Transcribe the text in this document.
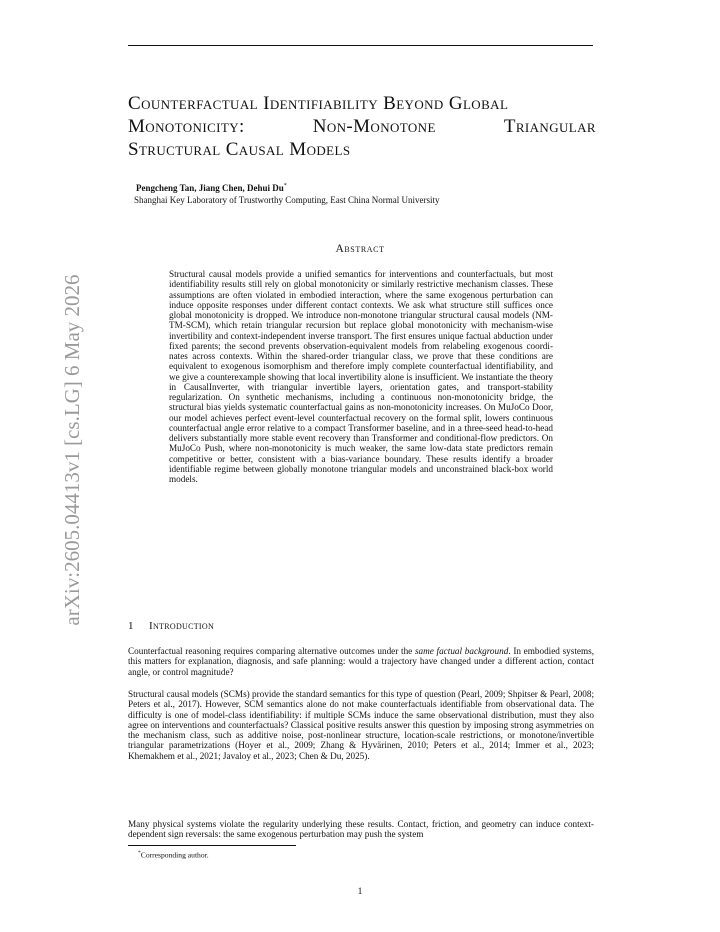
arXiv:2605.04413v1 [cs.LG] 6 May 2026
Counterfactual Identifiability Beyond Global
Monotonicity:	Non-Monotone	Triangular
Structural Causal Models
Pengcheng Tan, Jiang Chen, Dehui Du*
Shanghai Key Laboratory of Trustworthy Computing, East China Normal University
Abstract

Structural causal models provide a unified semantics for interventions and counterfactuals, but most identifiability results still rely on global monotonicity or similarly restrictive mechanism classes. These assumptions are often violated in embodied interaction, where the same exogenous perturbation can induce opposite responses under different contact contexts. We ask what structure still suffices once global monotonicity is dropped. We introduce non-monotone triangular structural causal models (NM-TM-SCM), which retain triangular recursion but replace global monotonicity with mechanism-wise invertibility and context-independent inverse transport. The first ensures unique factual abduction under fixed parents; the second prevents observation-equivalent models from relabeling exogenous coordinates across contexts. Within the shared-order triangular class, we prove that these conditions are equivalent to exogenous isomorphism and therefore imply complete counterfactual identifiability, and we give a counterexample showing that local invertibility alone is insufficient. We instantiate the theory in CausalInverter, with triangular invertible layers, orientation gates, and transport-stability regularization. On synthetic mechanisms, including a continuous non-monotonicity bridge, the structural bias yields systematic counterfactual gains as non-monotonicity increases. On MuJoCo Door, our model achieves perfect event-level counterfactual recovery on the formal split, lowers continuous counterfactual angle error relative to a compact Transformer baseline, and in a three-seed head-to-head delivers substantially more stable event recovery than Transformer and conditional-flow predictors. On MuJoCo Push, where non-monotonicity is much weaker, the same low-data state predictors remain competitive or better, consistent with a bias-variance boundary. These results identify a broader identifiable regime between globally monotone triangular models and unconstrained black-box world models.

1 Introduction

Counterfactual reasoning requires comparing alternative outcomes under the same factual background. In embodied systems, this matters for explanation, diagnosis, and safe planning: would a trajectory have changed under a different action, contact angle, or control magnitude?

Structural causal models (SCMs) provide the standard semantics for this type of question (Pearl, 2009; Shpitser & Pearl, 2008; Peters et al., 2017). However, SCM semantics alone do not make counterfactuals identifiable from observational data. The difficulty is one of model-class identifiability: if multiple SCMs induce the same observational distribution, must they also agree on interventions and counterfactuals? Classical positive results answer this question by imposing strong asymmetries on the mechanism class, such as additive noise, post-nonlinear structure, location-scale restrictions, or monotone/invertible triangular parametrizations (Hoyer et al., 2009; Zhang & Hyvärinen, 2010; Peters et al., 2014; Immer et al., 2023; Khemakhem et al., 2021; Javaloy et al., 2023; Chen & Du, 2025).

Many physical systems violate the regularity underlying these results. Contact, friction, and geometry can induce context-dependent sign reversals: the same exogenous perturbation may push the system

*Corresponding author.
1
